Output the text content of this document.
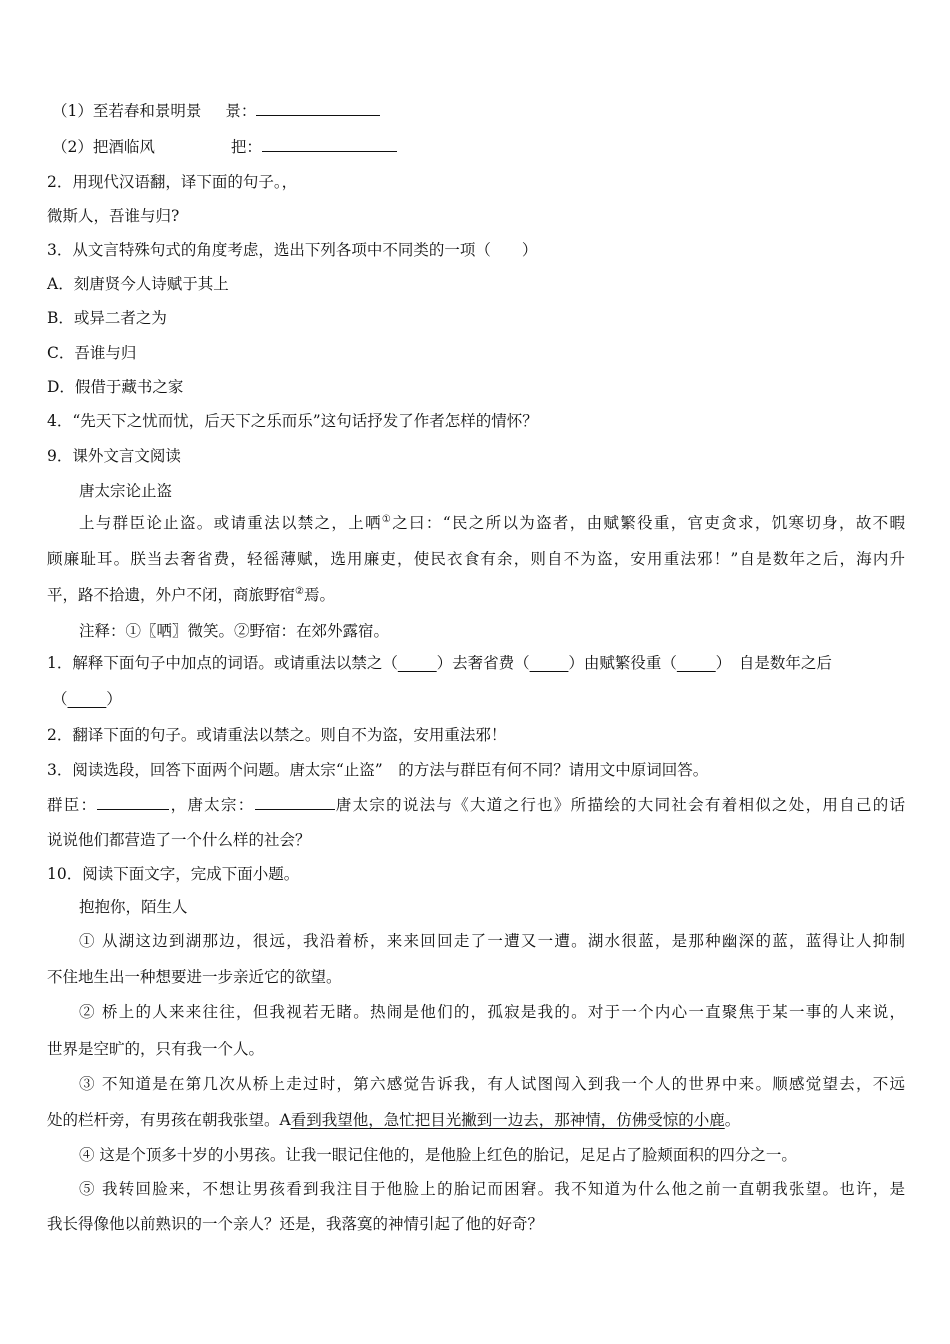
（1）至若春和景明景 景：
（2）把酒临风	把：
2．用现代汉语翻，译下面的句子。，
微斯人，吾谁与归?
3．从文言特殊句式的角度考虑，选出下列各项中不同类的一项（　　）
A．刻唐贤今人诗赋于其上
B．或异二者之为
C．吾谁与归
D．假借于藏书之家
4．“先天下之忧而忧，后天下之乐而乐”这句话抒发了作者怎样的情怀？
9．课外文言文阅读
唐太宗论止盗
上与群臣论止盗。或请重法以禁之，上哂①之曰：“民之所以为盗者，由赋繁役重，官吏贪求，饥寒切身，故不暇
顾廉耻耳。朕当去奢省费，轻徭薄赋，选用廉吏，使民衣食有余，则自不为盗，安用重法邪！”自是数年之后，海内升
平，路不拾遗，外户不闭，商旅野宿②焉。
注释：①〖哂〗微笑。②野宿：在郊外露宿。
1．解释下面句子中加点的词语。或请重法以禁之（_____）去奢省费（_____）由赋繁役重（_____）　自是数年之后
（_____）
2．翻译下面的句子。或请重法以禁之。则自不为盗，安用重法邪！
3．阅读选段，回答下面两个问题。唐太宗“止盗”　的方法与群臣有何不同？请用文中原词回答。
群臣：	，唐太宗：	唐太宗的说法与《大道之行也》所描绘的大同社会有着相似之处，用自己的话
说说他们都营造了一个什么样的社会？
10．阅读下面文字，完成下面小题。
抱抱你，陌生人
① 从湖这边到湖那边，很远，我沿着桥，来来回回走了一遭又一遭。湖水很蓝，是那种幽深的蓝，蓝得让人抑制
不住地生出一种想要进一步亲近它的欲望。
② 桥上的人来来往往，但我视若无睹。热闹是他们的，孤寂是我的。对于一个内心一直聚焦于某一事的人来说，
世界是空旷的，只有我一个人。
③ 不知道是在第几次从桥上走过时，第六感觉告诉我，有人试图闯入到我一个人的世界中来。顺感觉望去，不远
处的栏杆旁，有男孩在朝我张望。A看到我望他，急忙把目光撇到一边去，那神情，仿佛受惊的小鹿。
④ 这是个顶多十岁的小男孩。让我一眼记住他的，是他脸上红色的胎记，足足占了脸颊面积的四分之一。
⑤ 我转回脸来，不想让男孩看到我注目于他脸上的胎记而困窘。我不知道为什么他之前一直朝我张望。也许，是
我长得像他以前熟识的一个亲人？还是，我落寞的神情引起了他的好奇？
